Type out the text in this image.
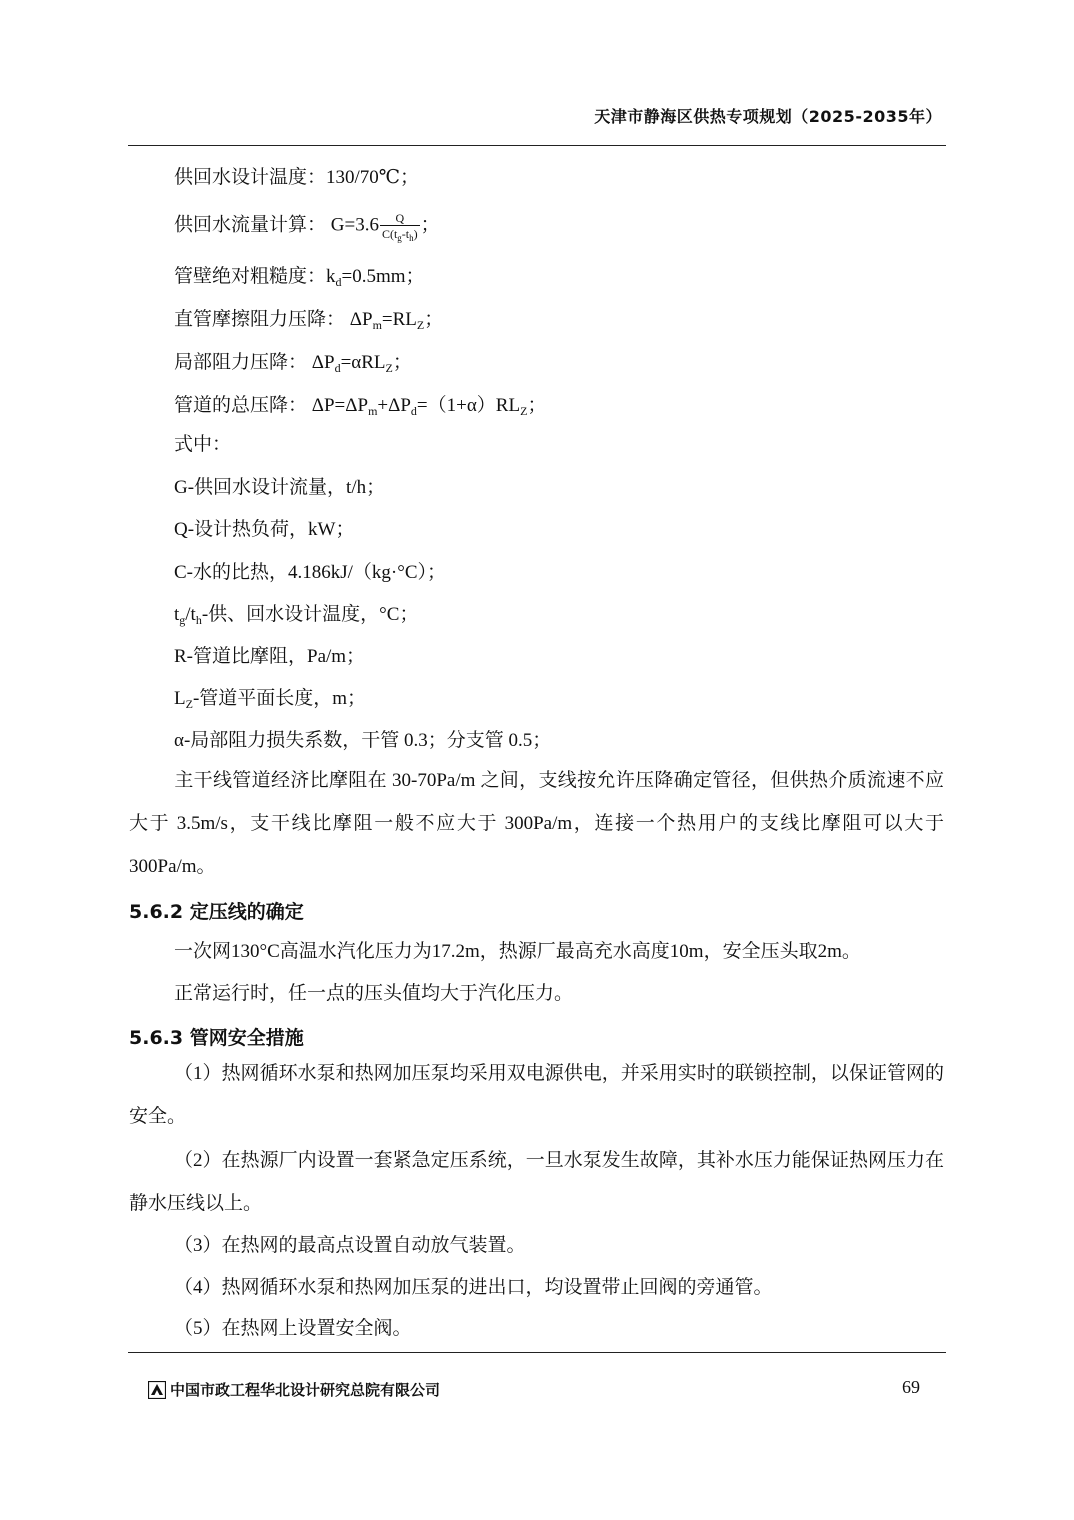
天津市静海区供热专项规划（2025-2035年）
供回水设计温度：130/70℃；
供回水流量计算： $G=3.6 \frac{Q}{C(t_g-t_h)}$ ；
管壁绝对粗糙度：$k_d=0.5mm$；
直管摩擦阻力压降： $\Delta P_m=RL_Z$；
局部阻力压降： $\Delta P_d=\alpha RL_Z$；
管道的总压降： $\Delta P=\Delta P_m+\Delta P_d=(1+\alpha)RL_Z$；
式中：
G-供回水设计流量，t/h；
Q-设计热负荷，kW；
C-水的比热，4.186kJ/（kg·°C）；
$t_g/t_h-$供、回水设计温度，°C；
R-管道比摩阻，Pa/m；
$L_Z-$管道平面长度，m；
α-局部阻力损失系数，干管 0.3；分支管 0.5；
主干线管道经济比摩阻在 30-70Pa/m 之间，支线按允许压降确定管径，但供热介质流速不应大于 3.5m/s，支干线比摩阻一般不应大于 300Pa/m，连接一个热用户的支线比摩阻可以大于 300Pa/m。
5.6.2 定压线的确定
一次网130°C高温水汽化压力为17.2m，热源厂最高充水高度10m，安全压头取2m。
正常运行时，任一点的压头值均大于汽化压力。
5.6.3 管网安全措施
（1）热网循环水泵和热网加压泵均采用双电源供电，并采用实时的联锁控制，以保证管网的安全。
（2）在热源厂内设置一套紧急定压系统，一旦水泵发生故障，其补水压力能保证热网压力在静水压线以上。
（3）在热网的最高点设置自动放气装置。
（4）热网循环水泵和热网加压泵的进出口，均设置带止回阀的旁通管。
（5）在热网上设置安全阀。
中国市政工程华北设计研究总院有限公司	69
